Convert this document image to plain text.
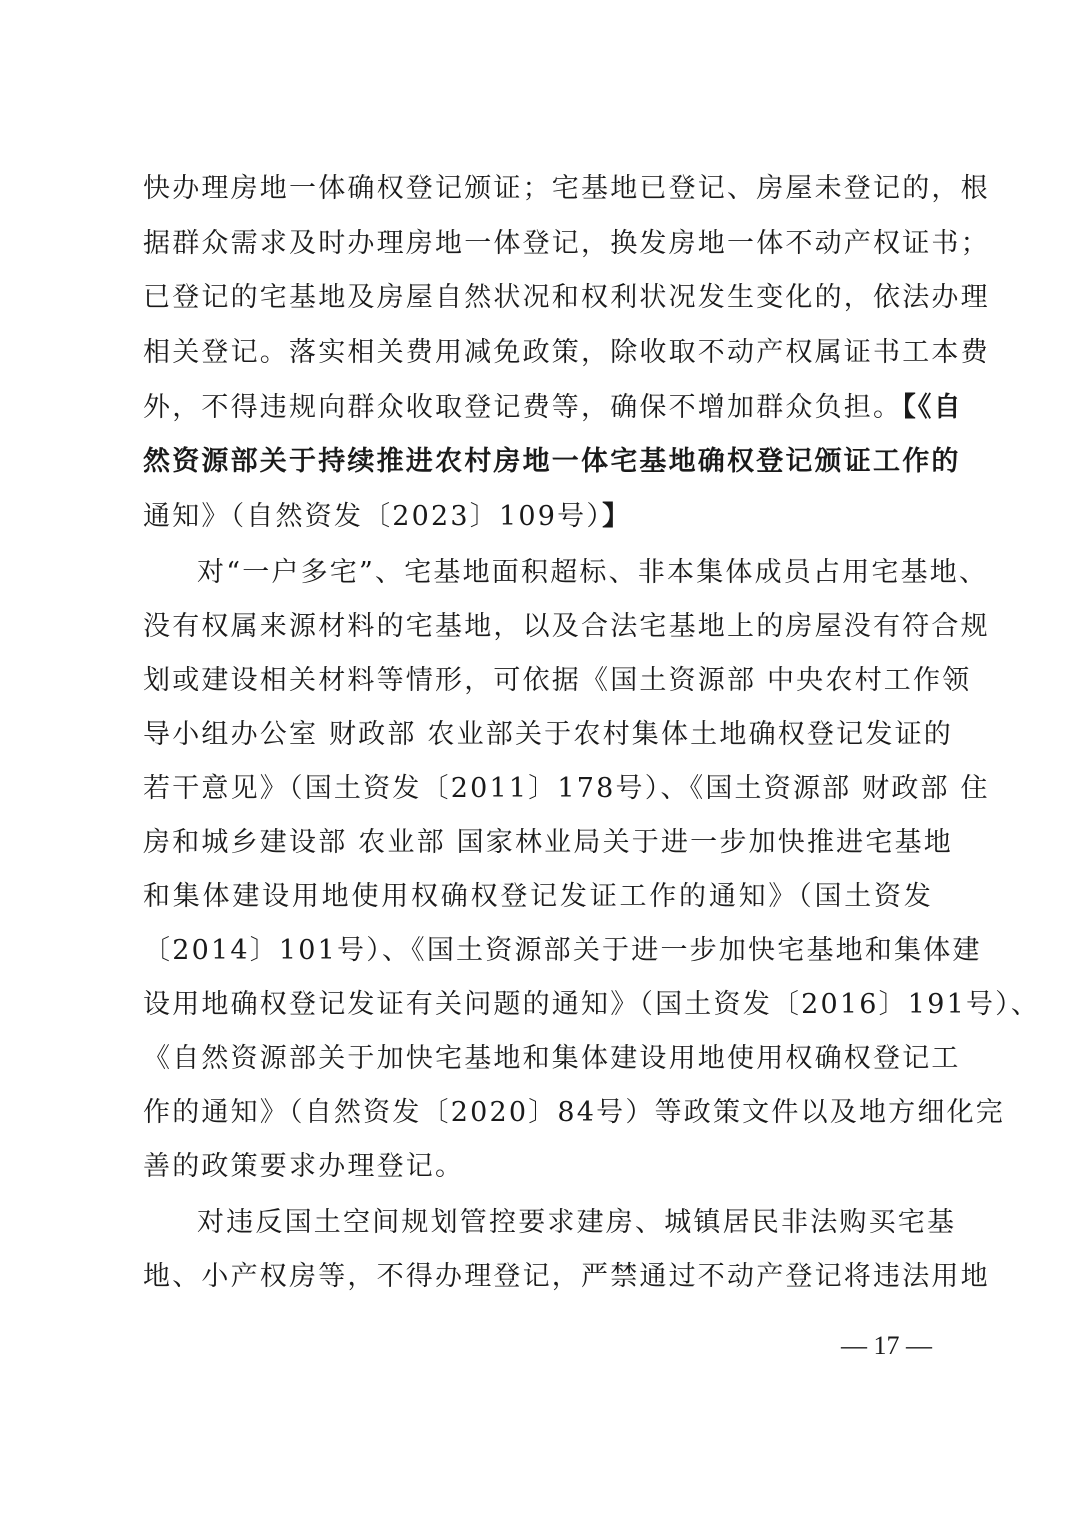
快办理房地一体确权登记颁证；宅基地已登记、房屋未登记的，根
据群众需求及时办理房地一体登记，换发房地一体不动产权证书；
已登记的宅基地及房屋自然状况和权利状况发生变化的，依法办理
相关登记。落实相关费用减免政策，除收取不动产权属证书工本费
外，不得违规向群众收取登记费等，确保不增加群众负担。【《自
然资源部关于持续推进农村房地一体宅基地确权登记颁证工作的
通知》（自然资发〔2023〕109号）】
对“一户多宅”、宅基地面积超标、非本集体成员占用宅基地、
没有权属来源材料的宅基地，以及合法宅基地上的房屋没有符合规
划或建设相关材料等情形，可依据《国土资源部 中央农村工作领
导小组办公室 财政部 农业部关于农村集体土地确权登记发证的
若干意见》（国土资发〔2011〕178号）、《国土资源部 财政部 住
房和城乡建设部 农业部 国家林业局关于进一步加快推进宅基地
和集体建设用地使用权确权登记发证工作的通知》（国土资发
〔2014〕101号）、《国土资源部关于进一步加快宅基地和集体建
设用地确权登记发证有关问题的通知》（国土资发〔2016〕191号）、
《自然资源部关于加快宅基地和集体建设用地使用权确权登记工
作的通知》（自然资发〔2020〕84号）等政策文件以及地方细化完
善的政策要求办理登记。
对违反国土空间规划管控要求建房、城镇居民非法购买宅基
地、小产权房等，不得办理登记，严禁通过不动产登记将违法用地
— 17 —
